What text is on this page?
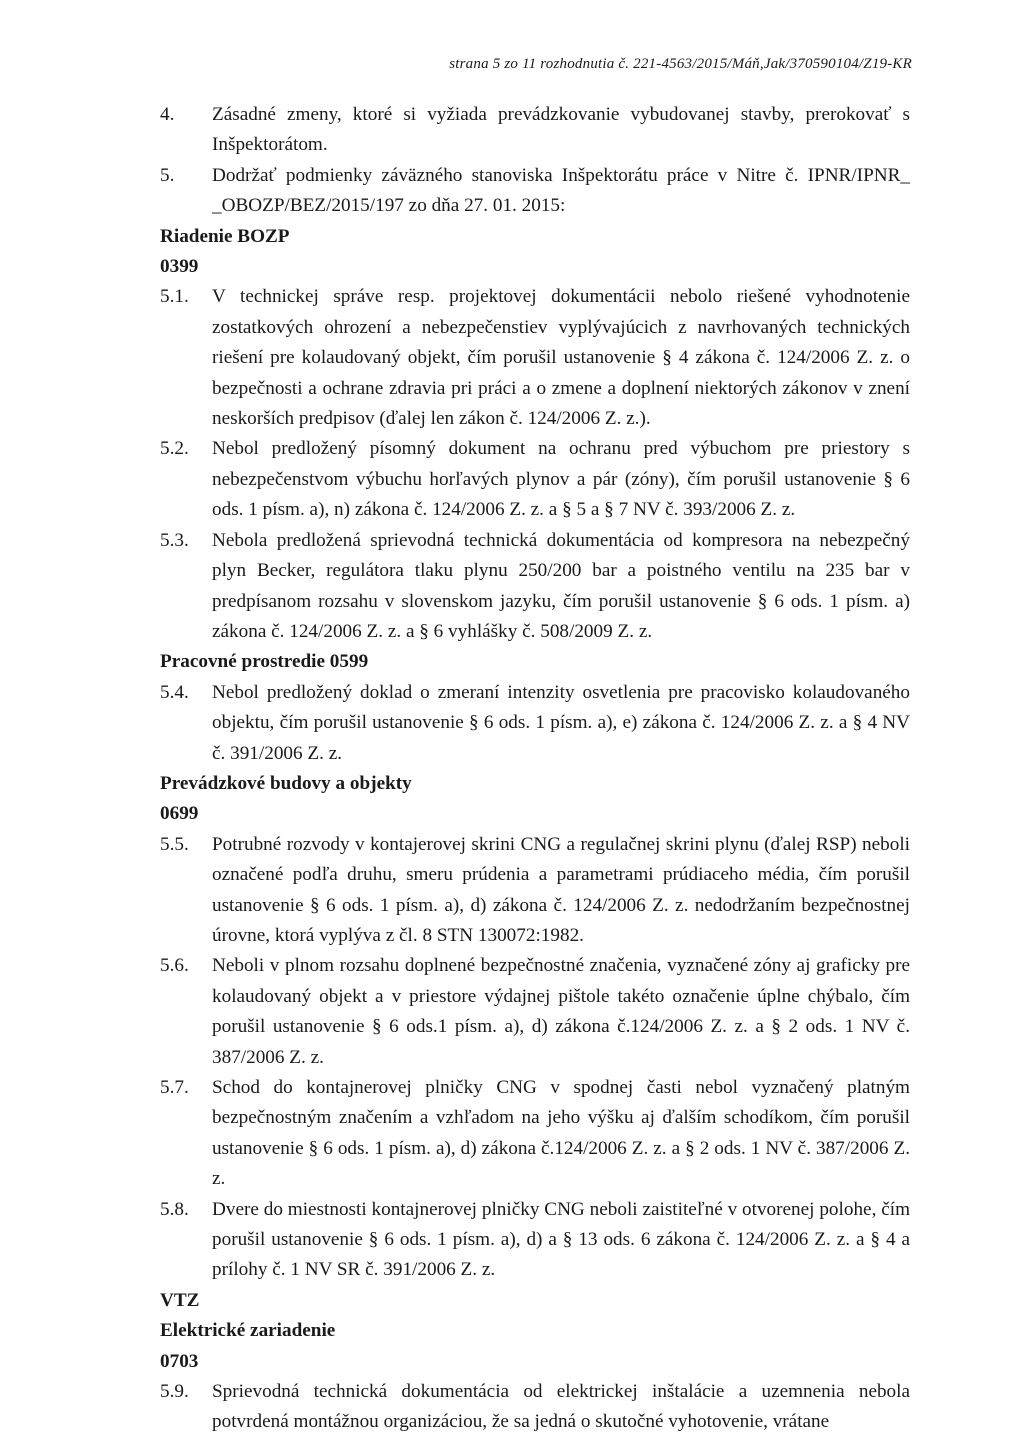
strana 5 zo 11 rozhodnutia č. 221-4563/2015/Máň,Jak/370590104/Z19-KR
4. Zásadné zmeny, ktoré si vyžiada prevádzkovanie vybudovanej stavby, prerokovať s Inšpektorátom.
5. Dodržať podmienky záväzného stanoviska Inšpektorátu práce v Nitre č. IPNR/IPNR_ _OBOZP/BEZ/2015/197 zo dňa 27. 01. 2015:
Riadenie BOZP
0399
5.1. V technickej správe resp. projektovej dokumentácii nebolo riešené vyhodnotenie zostatkových ohrození a nebezpečenstiev vyplývajúcich z navrhovaných technických riešení pre kolaudovaný objekt, čím porušil ustanovenie § 4 zákona č. 124/2006 Z. z. o bezpečnosti a ochrane zdravia pri práci a o zmene a doplnení niektorých zákonov v znení neskorších predpisov (ďalej len zákon č. 124/2006 Z. z.).
5.2. Nebol predložený písomný dokument na ochranu pred výbuchom pre priestory s nebezpečenstvom výbuchu horľavých plynov a pár (zóny), čím porušil ustanovenie § 6 ods. 1 písm. a), n) zákona č. 124/2006 Z. z. a § 5 a § 7 NV č. 393/2006 Z. z.
5.3. Nebola predložená sprievodná technická dokumentácia od kompresora na nebezpečný plyn Becker, regulátora tlaku plynu 250/200 bar a poistného ventilu na 235 bar v predpísanom rozsahu v slovenskom jazyku, čím porušil ustanovenie § 6 ods. 1 písm. a) zákona č. 124/2006 Z. z. a § 6 vyhlášky č. 508/2009 Z. z.
Pracovné prostredie 0599
5.4. Nebol predložený doklad o zmeraní intenzity osvetlenia pre pracovisko kolaudovaného objektu, čím porušil ustanovenie § 6 ods. 1 písm. a), e) zákona č. 124/2006 Z. z. a § 4 NV č. 391/2006 Z. z.
Prevádzkové budovy a objekty
0699
5.5. Potrubné rozvody v kontajerovej skrini CNG a regulačnej skrini plynu (ďalej RSP) neboli označené podľa druhu, smeru prúdenia a parametrami prúdiaceho média, čím porušil ustanovenie § 6 ods. 1 písm. a), d) zákona č. 124/2006 Z. z. nedodržaním bezpečnostnej úrovne, ktorá vyplýva z čl. 8 STN 130072:1982.
5.6. Neboli v plnom rozsahu doplnené bezpečnostné značenia, vyznačené zóny aj graficky pre kolaudovaný objekt a v priestore výdajnej pištole takéto označenie úplne chýbalo, čím porušil ustanovenie § 6 ods.1 písm. a), d) zákona č.124/2006 Z. z. a § 2 ods. 1 NV č. 387/2006 Z. z.
5.7. Schod do kontajnerovej plničky CNG v spodnej časti nebol vyznačený platným bezpečnostným značením a vzhľadom na jeho výšku aj ďalším schodíkom, čím porušil ustanovenie § 6 ods. 1 písm. a), d) zákona č.124/2006 Z. z. a § 2 ods. 1 NV č. 387/2006 Z. z.
5.8. Dvere do miestnosti kontajnerovej plničky CNG neboli zaistiteľné v otvorenej polohe, čím porušil ustanovenie § 6 ods. 1 písm. a), d) a § 13 ods. 6 zákona č. 124/2006 Z. z. a § 4 a prílohy č. 1 NV SR č. 391/2006 Z. z.
VTZ
Elektrické zariadenie
0703
5.9. Sprievodná technická dokumentácia od elektrickej inštalácie a uzemnenia nebola potvrdená montážnou organizáciou, že sa jedná o skutočné vyhotovenie, vrátane
